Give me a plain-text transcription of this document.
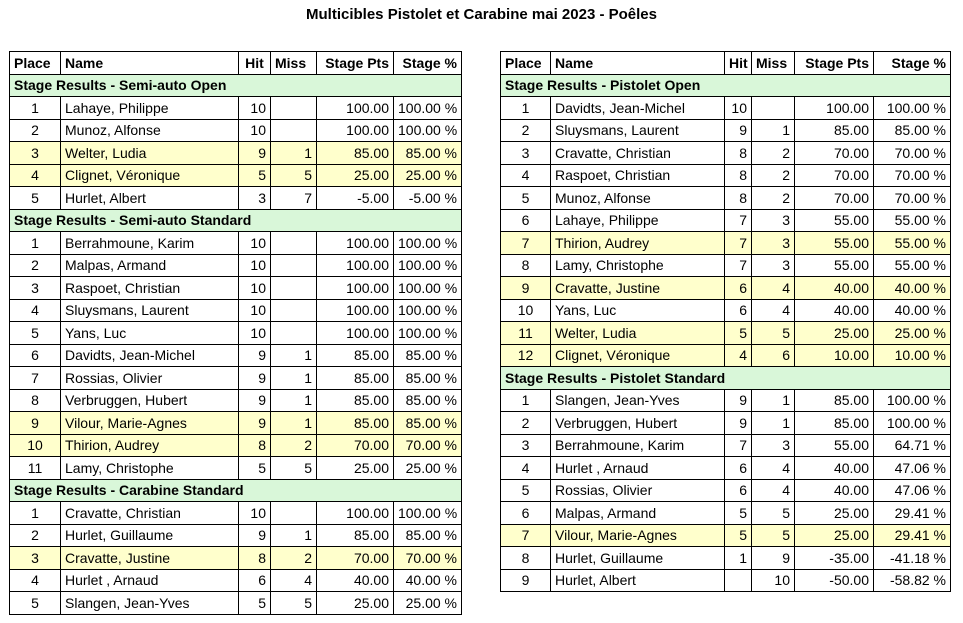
Multicibles Pistolet et Carabine mai 2023 - Poêles
Place	Name	Hit	Miss	Stage Pts	Stage %
Stage Results - Semi-auto Open					
1	Lahaye, Philippe	10		100.00	100.00 %
2	Munoz, Alfonse	10		100.00	100.00 %
3	Welter, Ludia	9	1	85.00	85.00 %
4	Clignet, Véronique	5	5	25.00	25.00 %
5	Hurlet, Albert	3	7	-5.00	-5.00 %
Stage Results - Semi-auto Standard					
1	Berrahmoune, Karim	10		100.00	100.00 %
2	Malpas, Armand	10		100.00	100.00 %
3	Raspoet, Christian	10		100.00	100.00 %
4	Sluysmans, Laurent	10		100.00	100.00 %
5	Yans, Luc	10		100.00	100.00 %
6	Davidts, Jean-Michel	9	1	85.00	85.00 %
7	Rossias, Olivier	9	1	85.00	85.00 %
8	Verbruggen, Hubert	9	1	85.00	85.00 %
9	Vilour, Marie-Agnes	9	1	85.00	85.00 %
10	Thirion, Audrey	8	2	70.00	70.00 %
11	Lamy, Christophe	5	5	25.00	25.00 %
Stage Results - Carabine Standard					
1	Cravatte, Christian	10		100.00	100.00 %
2	Hurlet, Guillaume	9	1	85.00	85.00 %
3	Cravatte, Justine	8	2	70.00	70.00 %
4	Hurlet , Arnaud	6	4	40.00	40.00 %
5	Slangen, Jean-Yves	5	5	25.00	25.00 %
Place	Name	Hit	Miss	Stage Pts	Stage %
Stage Results - Pistolet Open					
1	Davidts, Jean-Michel	10		100.00	100.00 %
2	Sluysmans, Laurent	9	1	85.00	85.00 %
3	Cravatte, Christian	8	2	70.00	70.00 %
4	Raspoet, Christian	8	2	70.00	70.00 %
5	Munoz, Alfonse	8	2	70.00	70.00 %
6	Lahaye, Philippe	7	3	55.00	55.00 %
7	Thirion, Audrey	7	3	55.00	55.00 %
8	Lamy, Christophe	7	3	55.00	55.00 %
9	Cravatte, Justine	6	4	40.00	40.00 %
10	Yans, Luc	6	4	40.00	40.00 %
11	Welter, Ludia	5	5	25.00	25.00 %
12	Clignet, Véronique	4	6	10.00	10.00 %
Stage Results - Pistolet Standard					
1	Slangen, Jean-Yves	9	1	85.00	100.00 %
2	Verbruggen, Hubert	9	1	85.00	100.00 %
3	Berrahmoune, Karim	7	3	55.00	64.71 %
4	Hurlet , Arnaud	6	4	40.00	47.06 %
5	Rossias, Olivier	6	4	40.00	47.06 %
6	Malpas, Armand	5	5	25.00	29.41 %
7	Vilour, Marie-Agnes	5	5	25.00	29.41 %
8	Hurlet, Guillaume	1	9	-35.00	-41.18 %
9	Hurlet, Albert		10	-50.00	-58.82 %
